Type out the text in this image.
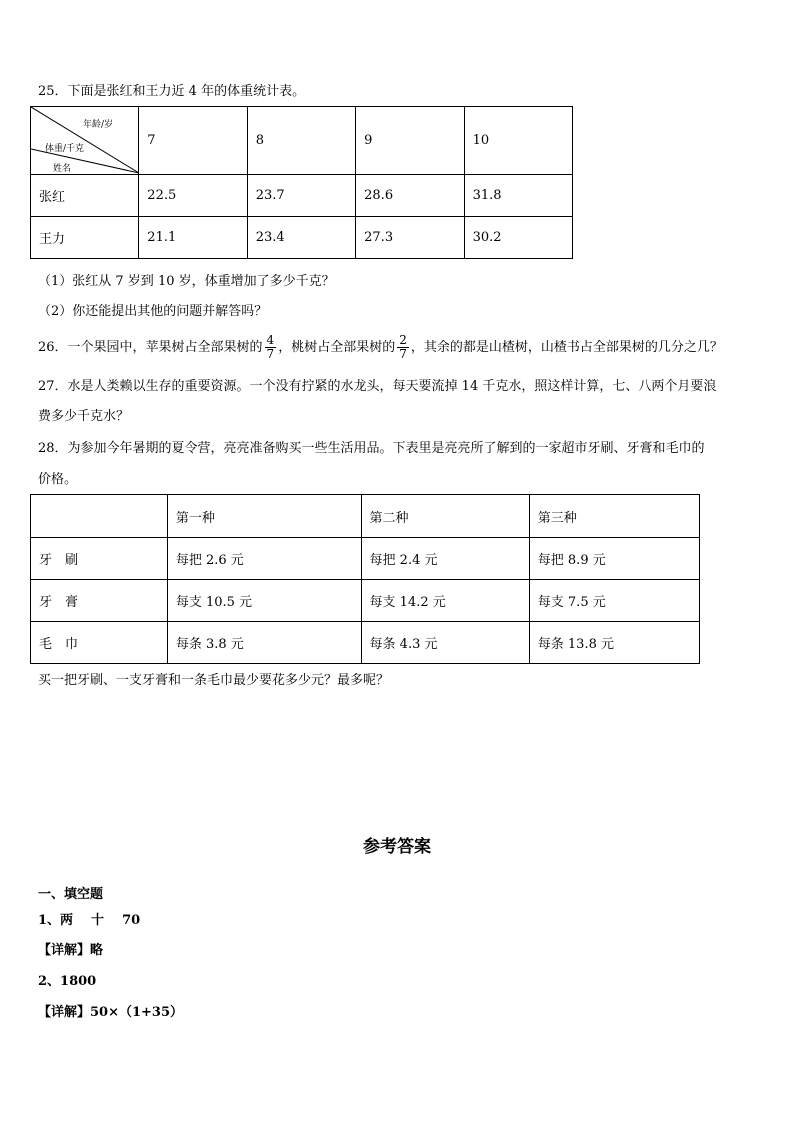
25．下面是张红和王力近 4 年的体重统计表。
年龄/岁
体重/千克
姓名	7	8	9	10
张红	22.5	23.7	28.6	31.8
王力	21.1	23.4	27.3	30.2
（1）张红从 7 岁到 10 岁，体重增加了多少千克？
（2）你还能提出其他的问题并解答吗？
26．一个果园中，苹果树占全部果树的 $\frac{4}{7}$ ，桃树占全部果树的 $\frac{2}{7}$ ，其余的都是山楂树，山楂书占全部果树的几分之几？
27．水是人类赖以生存的重要资源。一个没有拧紧的水龙头，每天要流掉 14 千克水，照这样计算，七、八两个月要浪
费多少千克水？
28．为参加今年暑期的夏令营，亮亮准备购买一些生活用品。下表里是亮亮所了解到的一家超市牙刷、牙膏和毛巾的
价格。
	第一种	第二种	第三种
牙　刷	每把 2.6 元	每把 2.4 元	每把 8.9 元
牙　膏	每支 10.5 元	每支 14.2 元	每支 7.5 元
毛　巾	每条 3.8 元	每条 4.3 元	每条 13.8 元
买一把牙刷、一支牙膏和一条毛巾最少要花多少元？最多呢？
参考答案
一、填空题
1、两 十 70
【详解】略
2、1800
【详解】50×（1+35）
